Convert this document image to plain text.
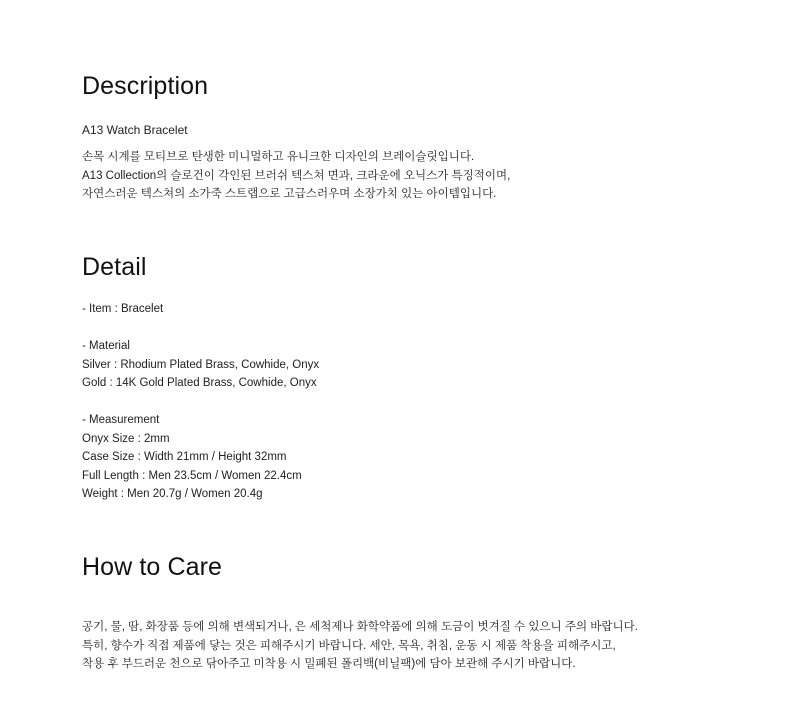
Description

A13 Watch Bracelet

손목 시계를 모티브로 탄생한 미니멀하고 유니크한 디자인의 브레이슬릿입니다.
A13 Collection의 슬로건이 각인된 브러쉬 텍스쳐 면과, 크라운에 오닉스가 특징적이며,
자연스러운 텍스쳐의 소가죽 스트랩으로 고급스러우며 소장가치 있는 아이템입니다.
Detail
- Item : Bracelet
- Material
Silver : Rhodium Plated Brass, Cowhide, Onyx
Gold : 14K Gold Plated Brass, Cowhide, Onyx
- Measurement
Onyx Size : 2mm
Case Size : Width 21mm / Height 32mm
Full Length : Men 23.5cm / Women 22.4cm
Weight : Men 20.7g / Women 20.4g
How to Care
공기, 물, 땀, 화장품 등에 의해 변색되거나, 은 세척제나 화학약품에 의해 도금이 벗겨질 수 있으니 주의 바랍니다.
특히, 향수가 직접 제품에 닿는 것은 피해주시기 바랍니다. 세안, 목욕, 취침, 운동 시 제품 착용을 피해주시고,
착용 후 부드러운 천으로 닦아주고 미착용 시 밀폐된 폴리백(비닐팩)에 담아 보관해 주시기 바랍니다.
